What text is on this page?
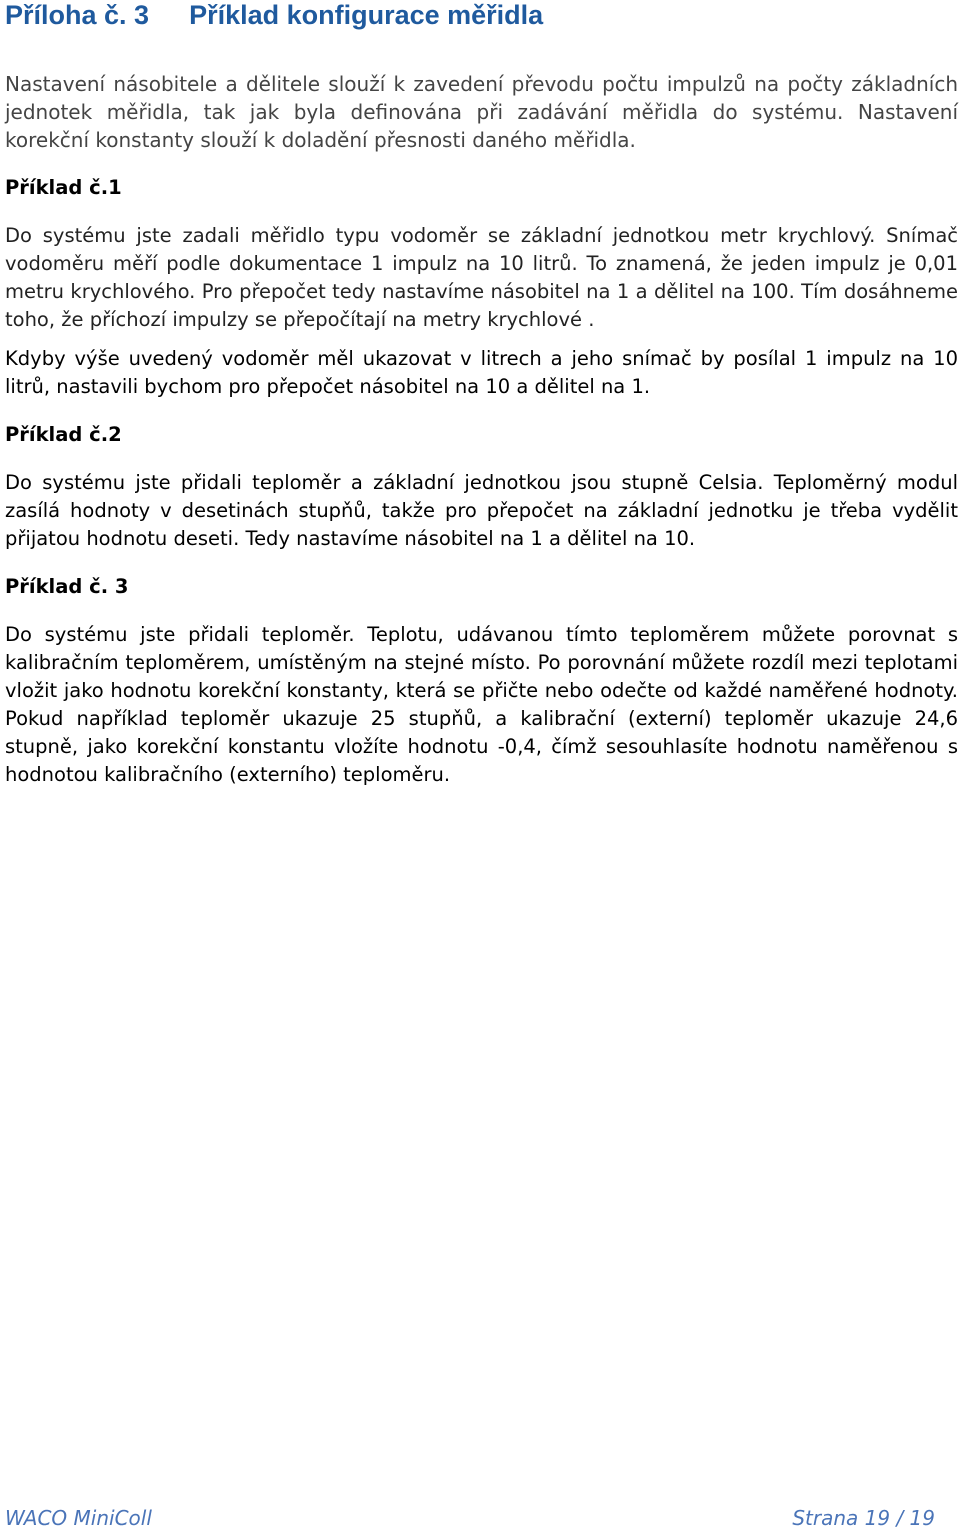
Příloha č. 3 Příklad konfigurace měřidla

Nastavení násobitele a dělitele slouží k zavedení převodu počtu impulzů na počty základních jednotek měřidla, tak jak byla definována při zadávání měřidla do systému. Nastavení korekční konstanty slouží k doladění přesnosti daného měřidla.

Příklad č.1

Do systému jste zadali měřidlo typu vodoměr se základní jednotkou metr krychlový. Snímač vodoměru měří podle dokumentace 1 impulz na 10 litrů. To znamená, že jeden impulz je 0,01 metru krychlového. Pro přepočet tedy nastavíme násobitel na 1 a dělitel na 100. Tím dosáhneme toho, že příchozí impulzy se přepočítají na metry krychlové .

Kdyby výše uvedený vodoměr měl ukazovat v litrech a jeho snímač by posílal 1 impulz na 10 litrů, nastavili bychom pro přepočet násobitel na 10 a dělitel na 1.

Příklad č.2

Do systému jste přidali teploměr a základní jednotkou jsou stupně Celsia. Teploměrný modul zasílá hodnoty v desetinách stupňů, takže pro přepočet na základní jednotku je třeba vydělit přijatou hodnotu deseti. Tedy nastavíme násobitel na 1 a dělitel na 10.

Příklad č. 3

Do systému jste přidali teploměr. Teplotu, udávanou tímto teploměrem můžete porovnat s kalibračním teploměrem, umístěným na stejné místo. Po porovnání můžete rozdíl mezi teplotami vložit jako hodnotu korekční konstanty, která se přičte nebo odečte od každé naměřené hodnoty. Pokud například teploměr ukazuje 25 stupňů, a kalibrační (externí) teploměr ukazuje 24,6 stupně, jako korekční konstantu vložíte hodnotu -0,4, čímž sesouhlasíte hodnotu naměřenou s hodnotou kalibračního (externího) teploměru.

WACO MiniColl	Strana 19 / 19
